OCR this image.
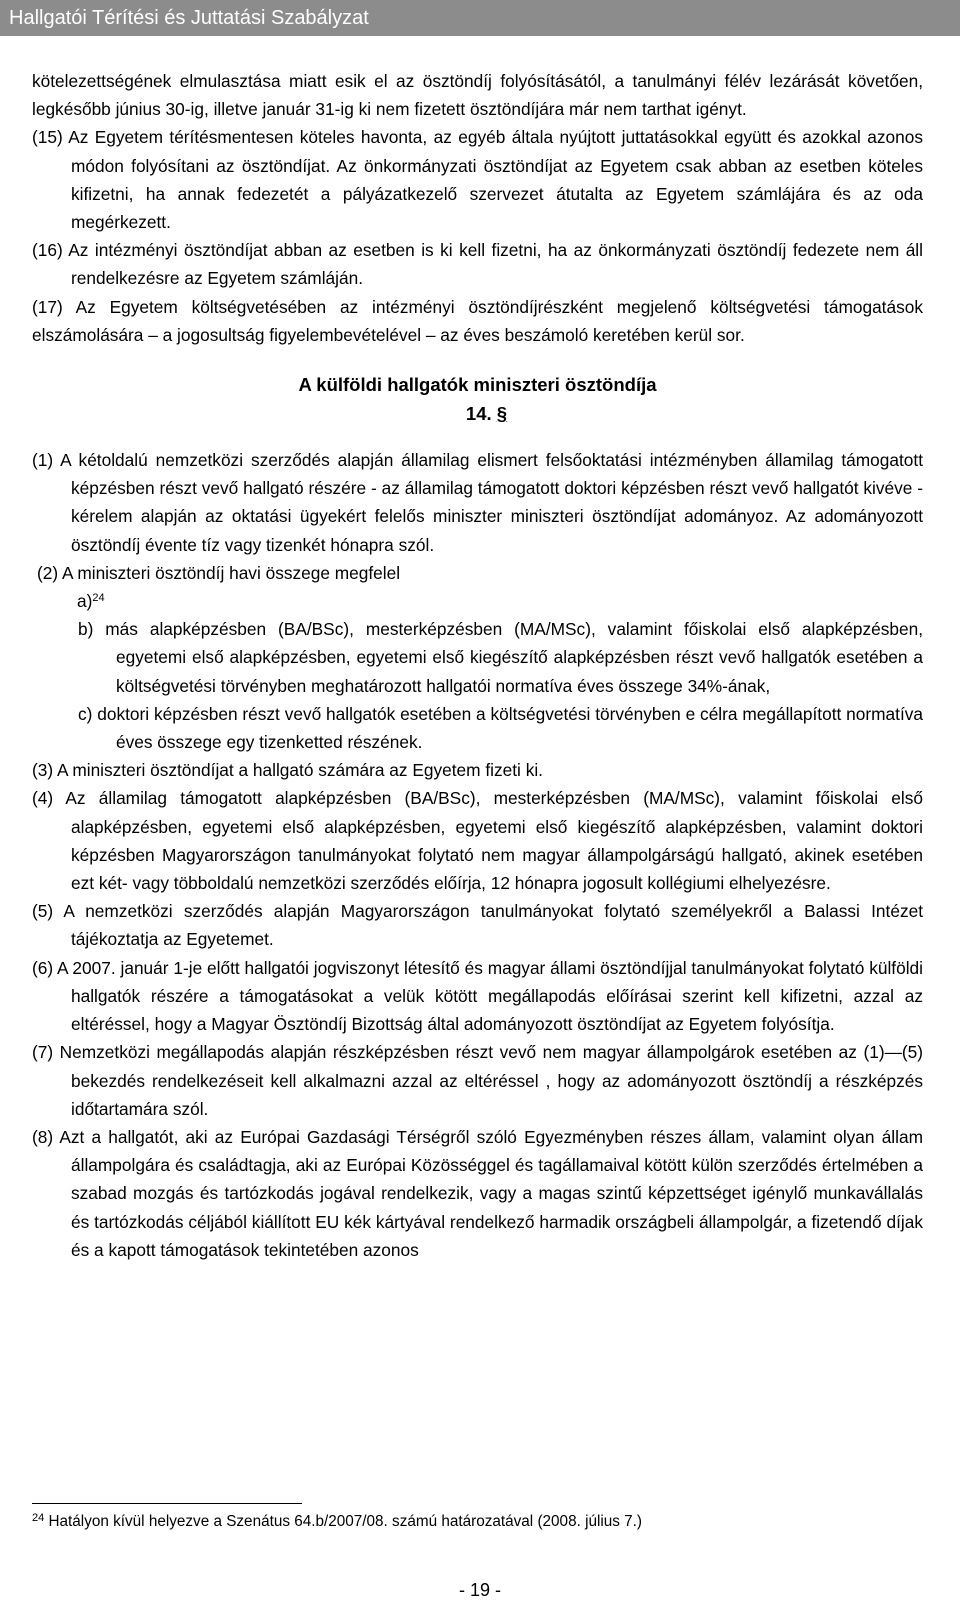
Hallgatói Térítési és Juttatási Szabályzat

kötelezettségének elmulasztása miatt esik el az ösztöndíj folyósításától, a tanulmányi félév lezárását követően, legkésőbb június 30-ig, illetve január 31-ig ki nem fizetett ösztöndíjára már nem tarthat igényt.

(15) Az Egyetem térítésmentesen köteles havonta, az egyéb általa nyújtott juttatásokkal együtt és azokkal azonos módon folyósítani az ösztöndíjat. Az önkormányzati ösztöndíjat az Egyetem csak abban az esetben köteles kifizetni, ha annak fedezetét a pályázatkezelő szervezet átutalta az Egyetem számlájára és az oda megérkezett.

(16) Az intézményi ösztöndíjat abban az esetben is ki kell fizetni, ha az önkormányzati ösztöndíj fedezete nem áll rendelkezésre az Egyetem számláján.

(17) Az Egyetem költségvetésében az intézményi ösztöndíjrészként megjelenő költségvetési támogatások elszámolására – a jogosultság figyelembevételével – az éves beszámoló keretében kerül sor.

A külföldi hallgatók miniszteri ösztöndíja

14. §

(1) A kétoldalú nemzetközi szerződés alapján államilag elismert felsőoktatási intézményben államilag támogatott képzésben részt vevő hallgató részére - az államilag támogatott doktori képzésben részt vevő hallgatót kivéve - kérelem alapján az oktatási ügyekért felelős miniszter miniszteri ösztöndíjat adományoz. Az adományozott ösztöndíj évente tíz vagy tizenkét hónapra szól.

(2) A miniszteri ösztöndíj havi összege megfelel

a)$^{24}$

b) más alapképzésben (BA/BSc), mesterképzésben (MA/MSc), valamint főiskolai első alapképzésben, egyetemi első alapképzésben, egyetemi első kiegészítő alapképzésben részt vevő hallgatók esetében a költségvetési törvényben meghatározott hallgatói normatíva éves összege 34%-ának,

c) doktori képzésben részt vevő hallgatók esetében a költségvetési törvényben e célra megállapított normatíva éves összege egy tizenketted részének.

(3) A miniszteri ösztöndíjat a hallgató számára az Egyetem fizeti ki.

(4) Az államilag támogatott alapképzésben (BA/BSc), mesterképzésben (MA/MSc), valamint főiskolai első alapképzésben, egyetemi első alapképzésben, egyetemi első kiegészítő alapképzésben, valamint doktori képzésben Magyarországon tanulmányokat folytató nem magyar állampolgárságú hallgató, akinek esetében ezt két- vagy többoldalú nemzetközi szerződés előírja, 12 hónapra jogosult kollégiumi elhelyezésre.

(5) A nemzetközi szerződés alapján Magyarországon tanulmányokat folytató személyekről a Balassi Intézet tájékoztatja az Egyetemet.

(6) A 2007. január 1-je előtt hallgatói jogviszonyt létesítő és magyar állami ösztöndíjjal tanulmányokat folytató külföldi hallgatók részére a támogatásokat a velük kötött megállapodás előírásai szerint kell kifizetni, azzal az eltéréssel, hogy a Magyar Ösztöndíj Bizottság által adományozott ösztöndíjat az Egyetem folyósítja.

(7) Nemzetközi megállapodás alapján részképzésben részt vevő nem magyar állampolgárok esetében az (1)—(5) bekezdés rendelkezéseit kell alkalmazni azzal az eltéréssel , hogy az adományozott ösztöndíj a részképzés időtartamára szól.

(8) Azt a hallgatót, aki az Európai Gazdasági Térségről szóló Egyezményben részes állam, valamint olyan állam állampolgára és családtagja, aki az Európai Közösséggel és tagállamaival kötött külön szerződés értelmében a szabad mozgás és tartózkodás jogával rendelkezik, vagy a magas szintű képzettséget igénylő munkavállalás és tartózkodás céljából kiállított EU kék kártyával rendelkező harmadik országbeli állampolgár, a fizetendő díjak és a kapott támogatások tekintetében azonos

$^{24}$ Hatályon kívül helyezve a Szenátus 64.b/2007/08. számú határozatával (2008. július 7.)
- 19 -
